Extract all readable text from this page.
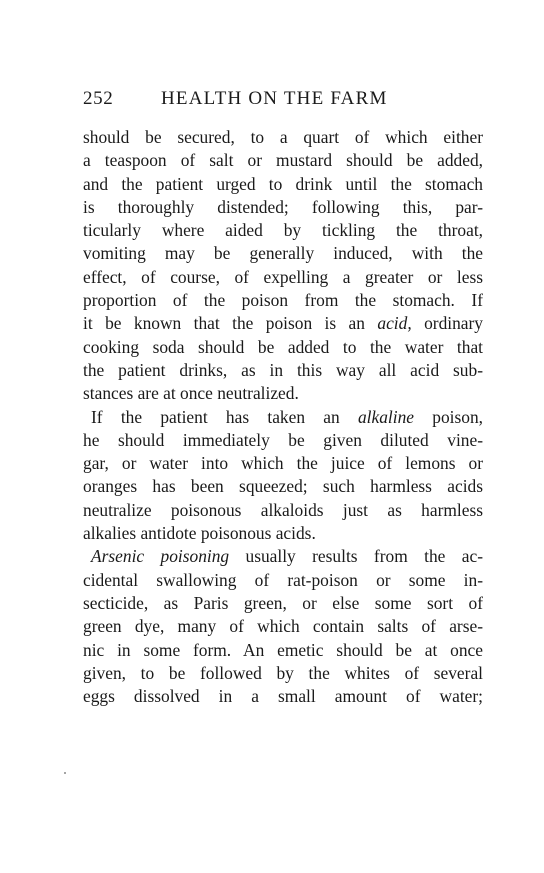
252	HEALTH ON THE FARM
should be secured, to a quart of which either
a teaspoon of salt or mustard should be added,
and the patient urged to drink until the stomach
is thoroughly distended; following this, par-
ticularly where aided by tickling the throat,
vomiting may be generally induced, with the
effect, of course, of expelling a greater or less
proportion of the poison from the stomach. If
it be known that the poison is an acid, ordinary
cooking soda should be added to the water that
the patient drinks, as in this way all acid sub-
stances are at once neutralized.
If the patient has taken an alkaline poison,
he should immediately be given diluted vine-
gar, or water into which the juice of lemons or
oranges has been squeezed; such harmless acids
neutralize poisonous alkaloids just as harmless
alkalies antidote poisonous acids.
Arsenic poisoning usually results from the ac-
cidental swallowing of rat-poison or some in-
secticide, as Paris green, or else some sort of
green dye, many of which contain salts of arse-
nic in some form. An emetic should be at once
given, to be followed by the whites of several
eggs dissolved in a small amount of water;
